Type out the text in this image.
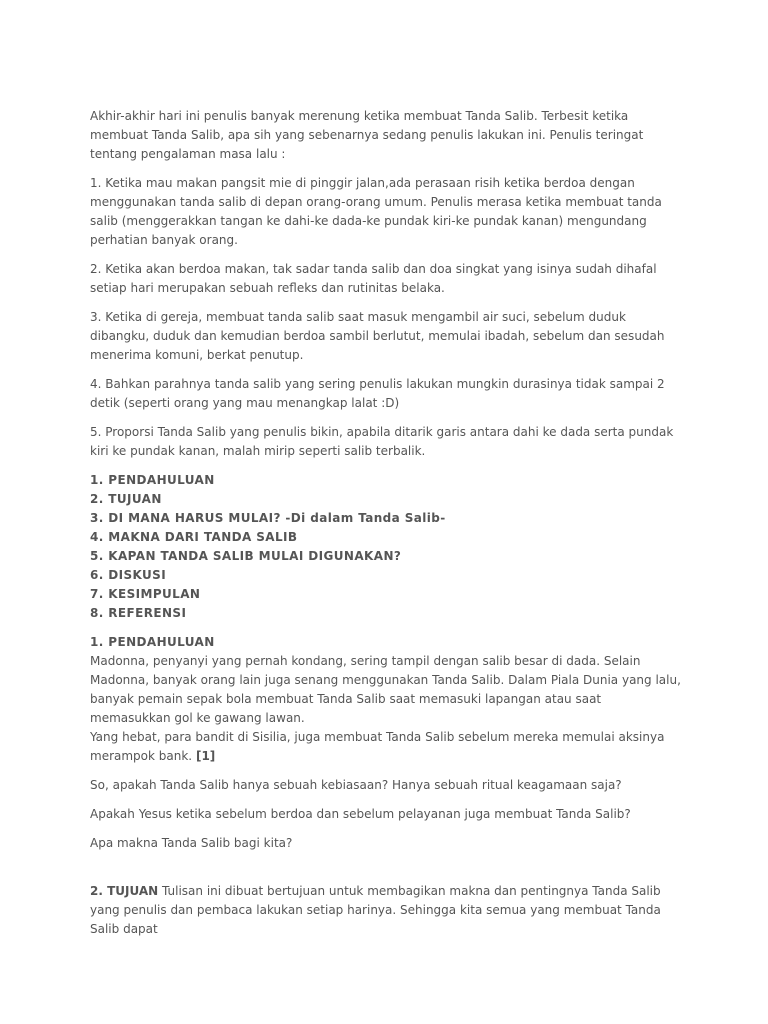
Akhir-akhir hari ini penulis banyak merenung ketika membuat Tanda Salib. Terbesit ketika membuat Tanda Salib, apa sih yang sebenarnya sedang penulis lakukan ini. Penulis teringat tentang pengalaman masa lalu :

1. Ketika mau makan pangsit mie di pinggir jalan,ada perasaan risih ketika berdoa dengan menggunakan tanda salib di depan orang-orang umum. Penulis merasa ketika membuat tanda salib (menggerakkan tangan ke dahi-ke dada-ke pundak kiri-ke pundak kanan) mengundang perhatian banyak orang.

2. Ketika akan berdoa makan, tak sadar tanda salib dan doa singkat yang isinya sudah dihafal setiap hari merupakan sebuah refleks dan rutinitas belaka.

3. Ketika di gereja, membuat tanda salib saat masuk mengambil air suci, sebelum duduk dibangku, duduk dan kemudian berdoa sambil berlutut, memulai ibadah, sebelum dan sesudah menerima komuni, berkat penutup.

4. Bahkan parahnya tanda salib yang sering penulis lakukan mungkin durasinya tidak sampai 2 detik (seperti orang yang mau menangkap lalat :D)

5. Proporsi Tanda Salib yang penulis bikin, apabila ditarik garis antara dahi ke dada serta pundak kiri ke pundak kanan, malah mirip seperti salib terbalik.

1. PENDAHULUAN
2. TUJUAN
3. DI MANA HARUS MULAI? -Di dalam Tanda Salib-
4. MAKNA DARI TANDA SALIB
5. KAPAN TANDA SALIB MULAI DIGUNAKAN?
6. DISKUSI
7. KESIMPULAN
8. REFERENSI
1. PENDAHULUAN
Madonna, penyanyi yang pernah kondang, sering tampil dengan salib besar di dada. Selain Madonna, banyak orang lain juga senang menggunakan Tanda Salib. Dalam Piala Dunia yang lalu, banyak pemain sepak bola membuat Tanda Salib saat memasuki lapangan atau saat memasukkan gol ke gawang lawan.
Yang hebat, para bandit di Sisilia, juga membuat Tanda Salib sebelum mereka memulai aksinya merampok bank. [1]

So, apakah Tanda Salib hanya sebuah kebiasaan? Hanya sebuah ritual keagamaan saja?

Apakah Yesus ketika sebelum berdoa dan sebelum pelayanan juga membuat Tanda Salib?

Apa makna Tanda Salib bagi kita?

2. TUJUAN Tulisan ini dibuat bertujuan untuk membagikan makna dan pentingnya Tanda Salib yang penulis dan pembaca lakukan setiap harinya. Sehingga kita semua yang membuat Tanda Salib dapat
